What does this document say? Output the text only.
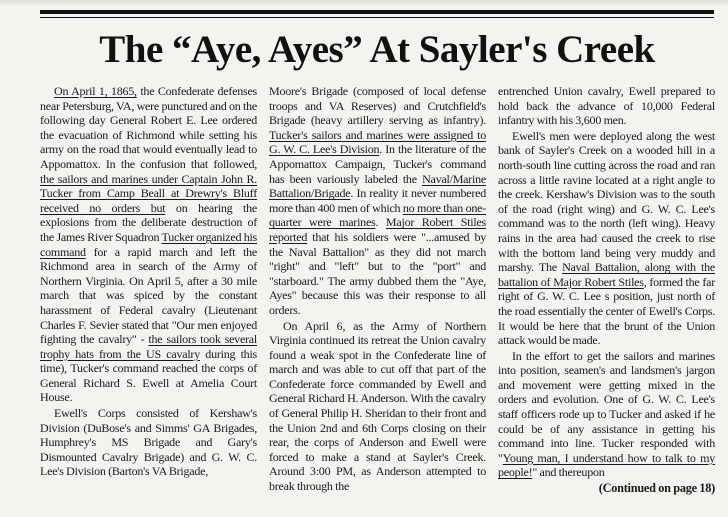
The “Aye, Ayes” At Sayler's Creek

On April 1, 1865, the Confederate defenses near Petersburg, VA, were punctured and on the following day General Robert E. Lee ordered the evacuation of Richmond while setting his army on the road that would eventually lead to Appomattox. In the confusion that followed, the sailors and marines under Captain John R. Tucker from Camp Beall at Drewry's Bluff received no orders but on hearing the explosions from the deliberate destruction of the James River Squadron Tucker organized his command for a rapid march and left the Richmond area in search of the Army of Northern Virginia. On April 5, after a 30 mile march that was spiced by the constant harassment of Federal cavalry (Lieutenant Charles F. Sevier stated that "Our men enjoyed fighting the cavalry" - the sailors took several trophy hats from the US cavalry during this time), Tucker's command reached the corps of General Richard S. Ewell at Amelia Court House.

Ewell's Corps consisted of Kershaw's Division (DuBose's and Simms' GA Brigades, Humphrey's MS Brigade and Gary's Dismounted Cavalry Brigade) and G. W. C. Lee's Division (Barton's VA Brigade,

Moore's Brigade (composed of local defense troops and VA Reserves) and Crutchfield's Brigade (heavy artillery serving as infantry). Tucker's sailors and marines were assigned to G. W. C. Lee's Division. In the literature of the Appomattox Campaign, Tucker's command has been variously labeled the Naval/Marine Battalion/Brigade. In reality it never numbered more than 400 men of which no more than one-quarter were marines. Major Robert Stiles reported that his soldiers were "...amused by the Naval Battalion" as they did not march "right" and "left" but to the "port" and "starboard." The army dubbed them the "Aye, Ayes" because this was their response to all orders.

On April 6, as the Army of Northern Virginia continued its retreat the Union cavalry found a weak spot in the Confederate line of march and was able to cut off that part of the Confederate force commanded by Ewell and General Richard H. Anderson. With the cavalry of General Philip H. Sheridan to their front and the Union 2nd and 6th Corps closing on their rear, the corps of Anderson and Ewell were forced to make a stand at Sayler's Creek. Around 3:00 PM, as Anderson attempted to break through the

entrenched Union cavalry, Ewell prepared to hold back the advance of 10,000 Federal infantry with his 3,600 men.

Ewell's men were deployed along the west bank of Sayler's Creek on a wooded hill in a north-south line cutting across the road and ran across a little ravine located at a right angle to the creek. Kershaw's Division was to the south of the road (right wing) and G. W. C. Lee's command was to the north (left wing). Heavy rains in the area had caused the creek to rise with the bottom land being very muddy and marshy. The Naval Battalion, along with the battalion of Major Robert Stiles, formed the far right of G. W. C. Lee s position, just north of the road essentially the center of Ewell's Corps. It would be here that the brunt of the Union attack would be made.

In the effort to get the sailors and marines into position, seamen's and landsmen's jargon and movement were getting mixed in the orders and evolution. One of G. W. C. Lee's staff officers rode up to Tucker and asked if he could be of any assistance in getting his command into line. Tucker responded with "Young man, I understand how to talk to my people!" and thereupon

(Continued on page 18)
